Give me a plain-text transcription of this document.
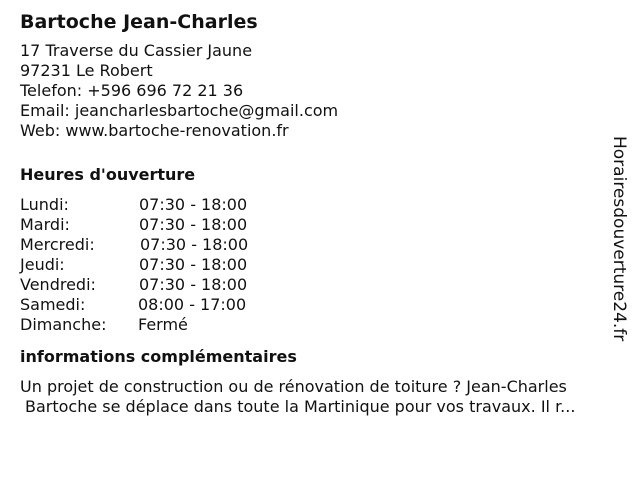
Bartoche Jean-Charles
17 Traverse du Cassier Jaune
97231 Le Robert
Telefon: +596 696 72 21 36
Email: jeancharlesbartoche@gmail.com
Web: www.bartoche-renovation.fr
Heures d'ouverture
Lundi:	07:30 - 18:00
Mardi:	07:30 - 18:00
Mercredi:	07:30 - 18:00
Jeudi:	07:30 - 18:00
Vendredi:	07:30 - 18:00
Samedi:	08:00 - 17:00
Dimanche: Fermé
informations complémentaires
Un projet de construction ou de rénovation de toiture ? Jean-Charles
Bartoche se déplace dans toute la Martinique pour vos travaux. Il r...
Horairesdouverture24.fr
